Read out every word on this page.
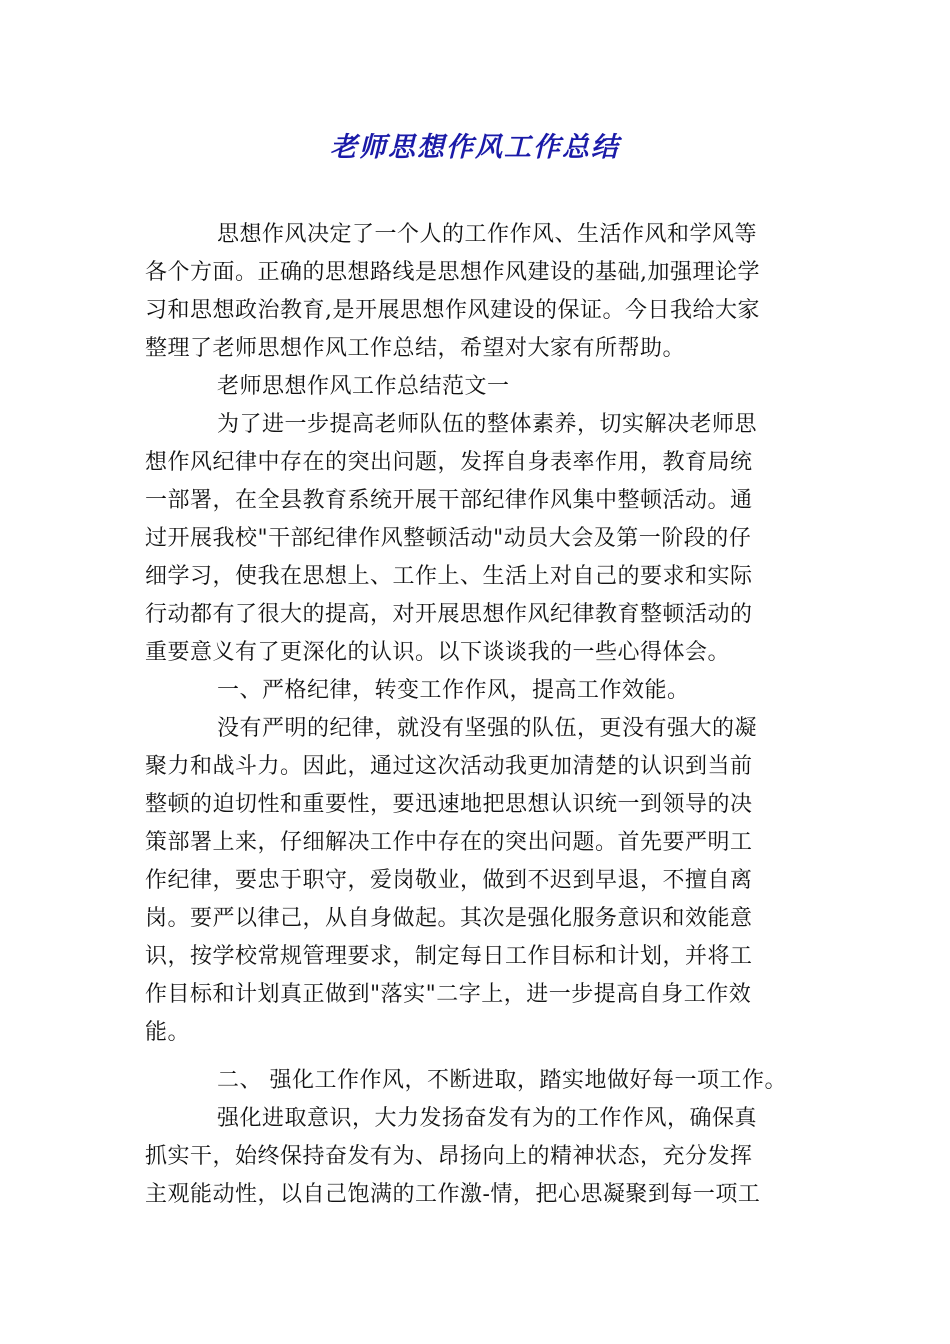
老师思想作风工作总结
思想作风决定了一个人的工作作风、生活作风和学风等
各个方面。正确的思想路线是思想作风建设的基础,加强理论学
习和思想政治教育,是开展思想作风建设的保证。今日我给大家
整理了老师思想作风工作总结，希望对大家有所帮助。
老师思想作风工作总结范文一
为了进一步提高老师队伍的整体素养，切实解决老师思
想作风纪律中存在的突出问题，发挥自身表率作用，教育局统
一部署，在全县教育系统开展干部纪律作风集中整顿活动。通
过开展我校"干部纪律作风整顿活动"动员大会及第一阶段的仔
细学习，使我在思想上、工作上、生活上对自己的要求和实际
行动都有了很大的提高，对开展思想作风纪律教育整顿活动的
重要意义有了更深化的认识。以下谈谈我的一些心得体会。
一、严格纪律，转变工作作风，提高工作效能。
没有严明的纪律，就没有坚强的队伍，更没有强大的凝
聚力和战斗力。因此，通过这次活动我更加清楚的认识到当前
整顿的迫切性和重要性，要迅速地把思想认识统一到领导的决
策部署上来，仔细解决工作中存在的突出问题。首先要严明工
作纪律，要忠于职守，爱岗敬业，做到不迟到早退，不擅自离
岗。要严以律己，从自身做起。其次是强化服务意识和效能意
识，按学校常规管理要求，制定每日工作目标和计划，并将工
作目标和计划真正做到"落实"二字上，进一步提高自身工作效
能。
二、 强化工作作风，不断进取，踏实地做好每一项工作。
强化进取意识，大力发扬奋发有为的工作作风，确保真
抓实干，始终保持奋发有为、昂扬向上的精神状态，充分发挥
主观能动性，以自己饱满的工作激-情，把心思凝聚到每一项工
